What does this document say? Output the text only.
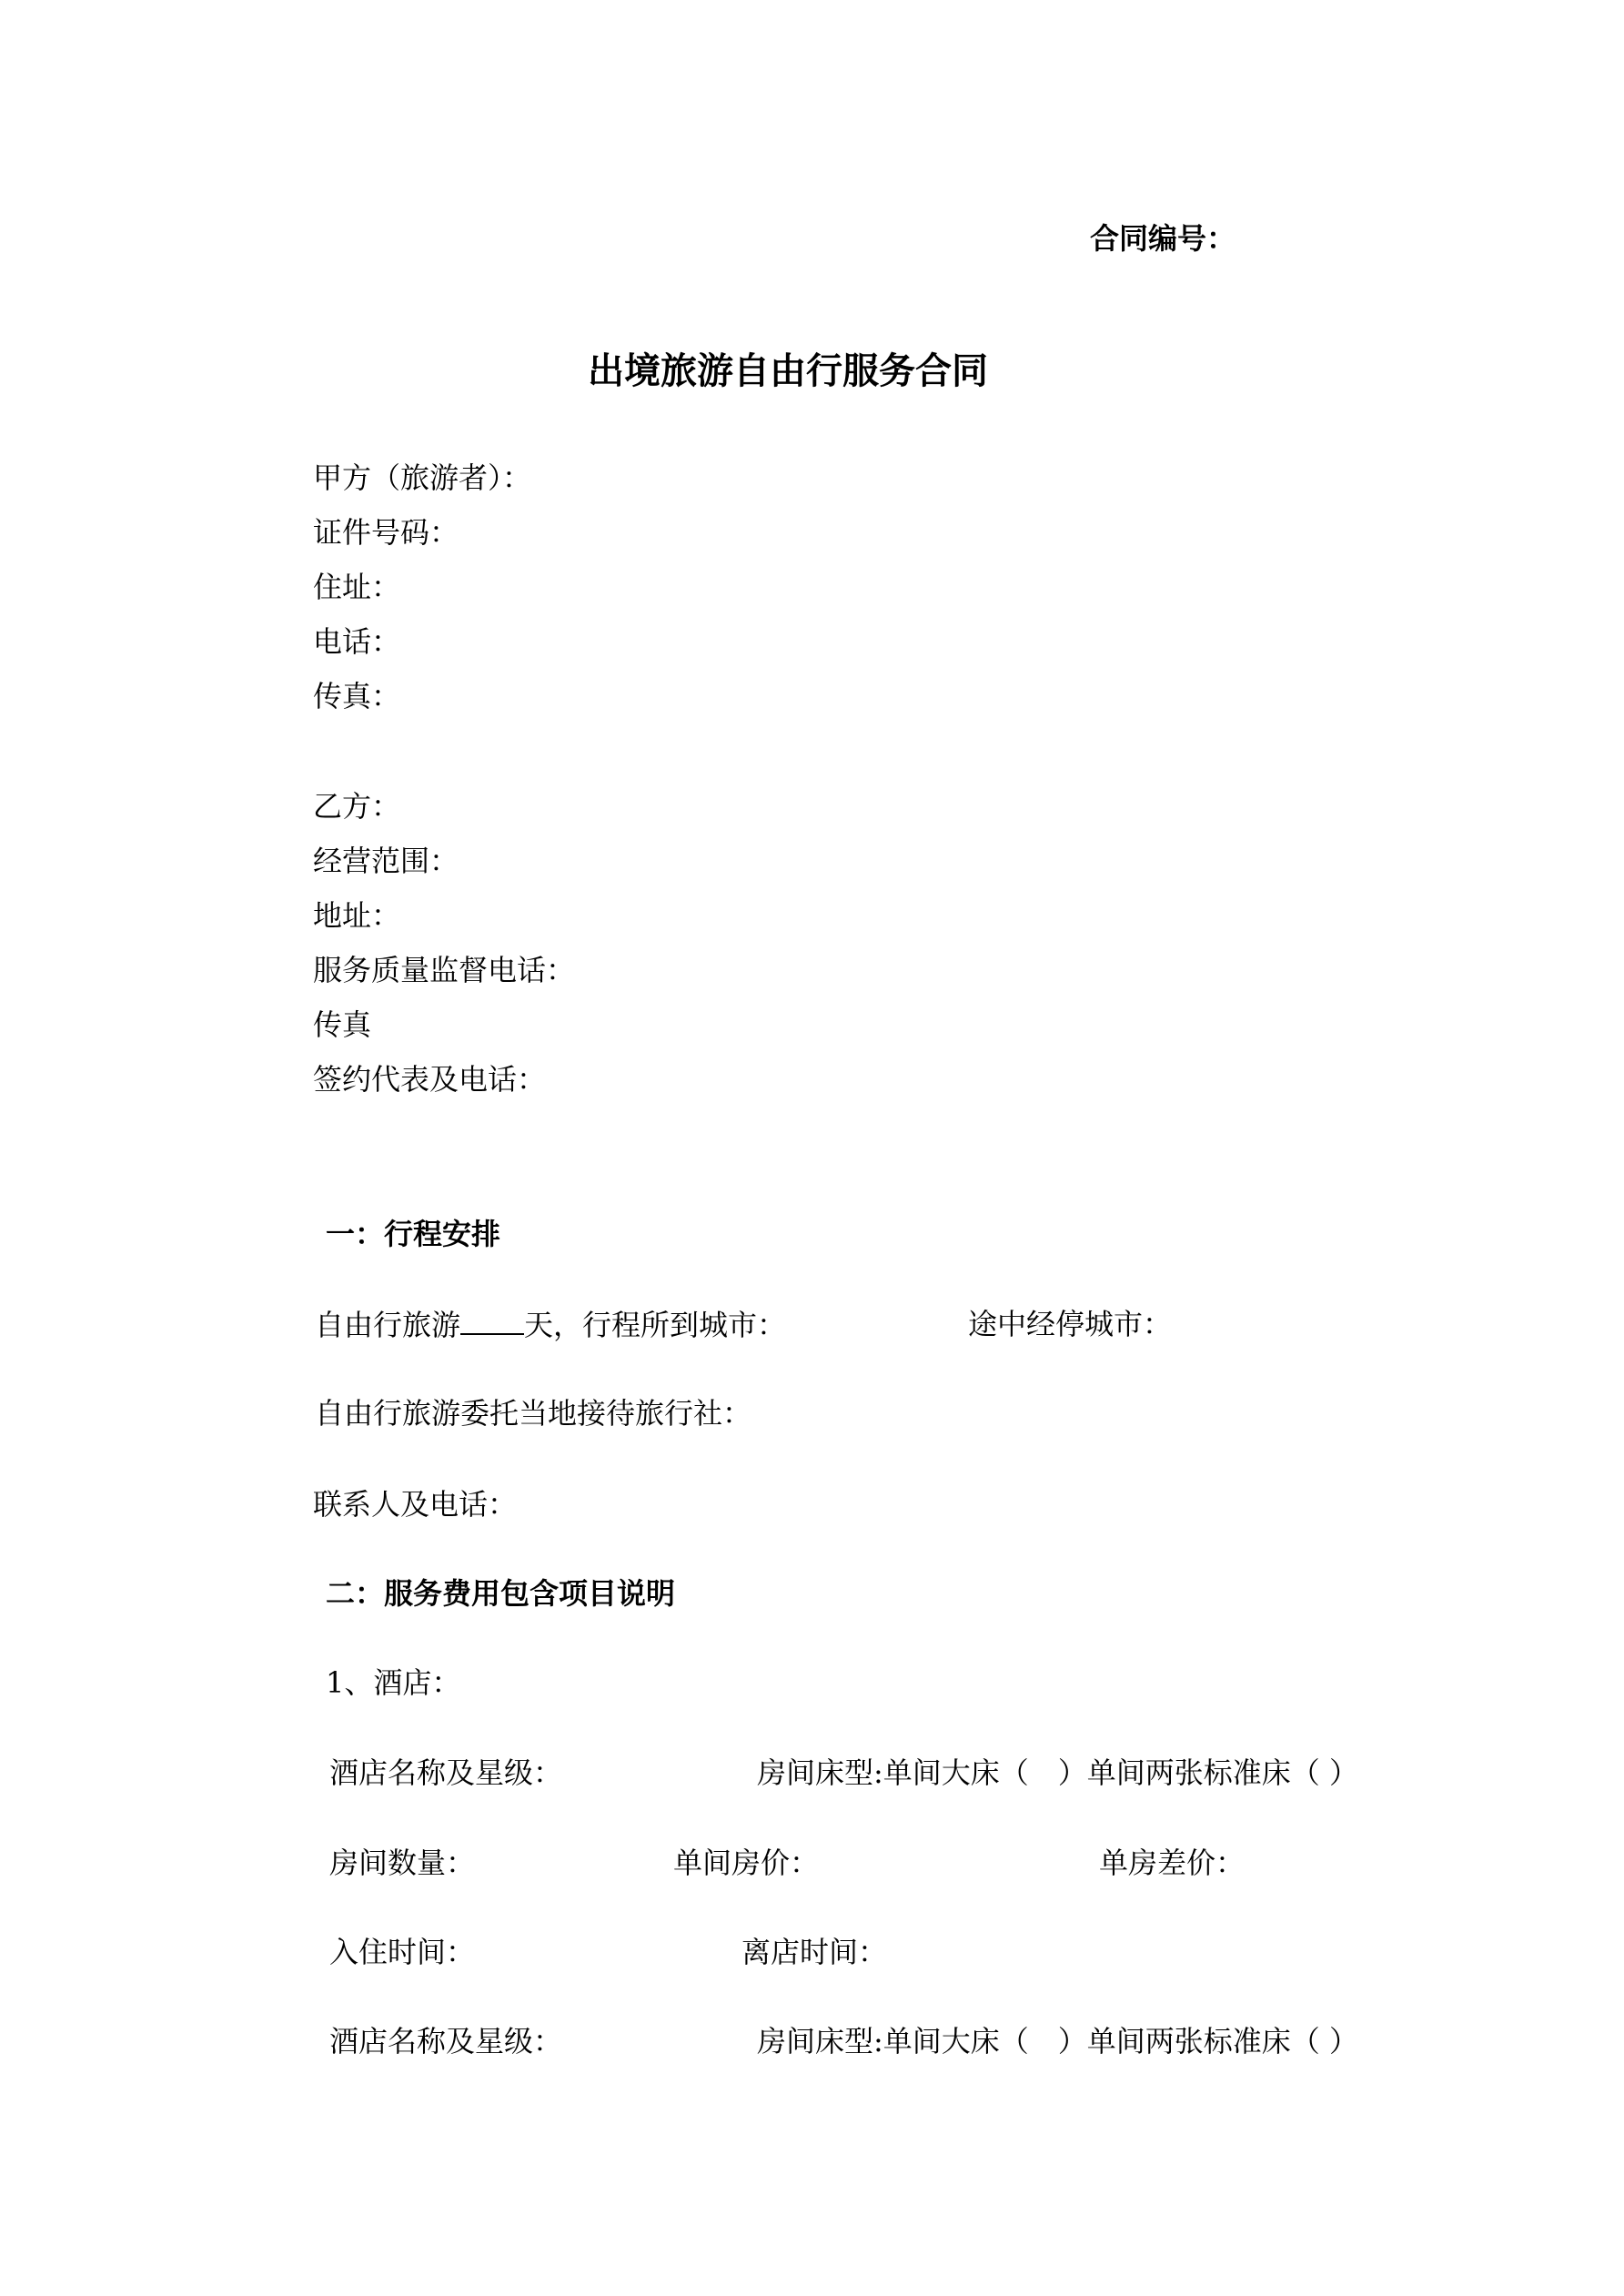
合同编号：
出境旅游自由行服务合同
甲方（旅游者）：
证件号码：
住址：
电话：
传真：
乙方：
经营范围：
地址：
服务质量监督电话：
传真
签约代表及电话：
一：行程安排
自由行旅游 天，行程所到城市：	途中经停城市：
自由行旅游委托当地接待旅行社：
联系人及电话：
二：服务费用包含项目说明
1、酒店：
酒店名称及星级：	房间床型:单间大床（　）单间两张标准床（ ）
房间数量：	单间房价：	单房差价：
入住时间：	离店时间：
酒店名称及星级：	房间床型:单间大床（　）单间两张标准床（ ）
